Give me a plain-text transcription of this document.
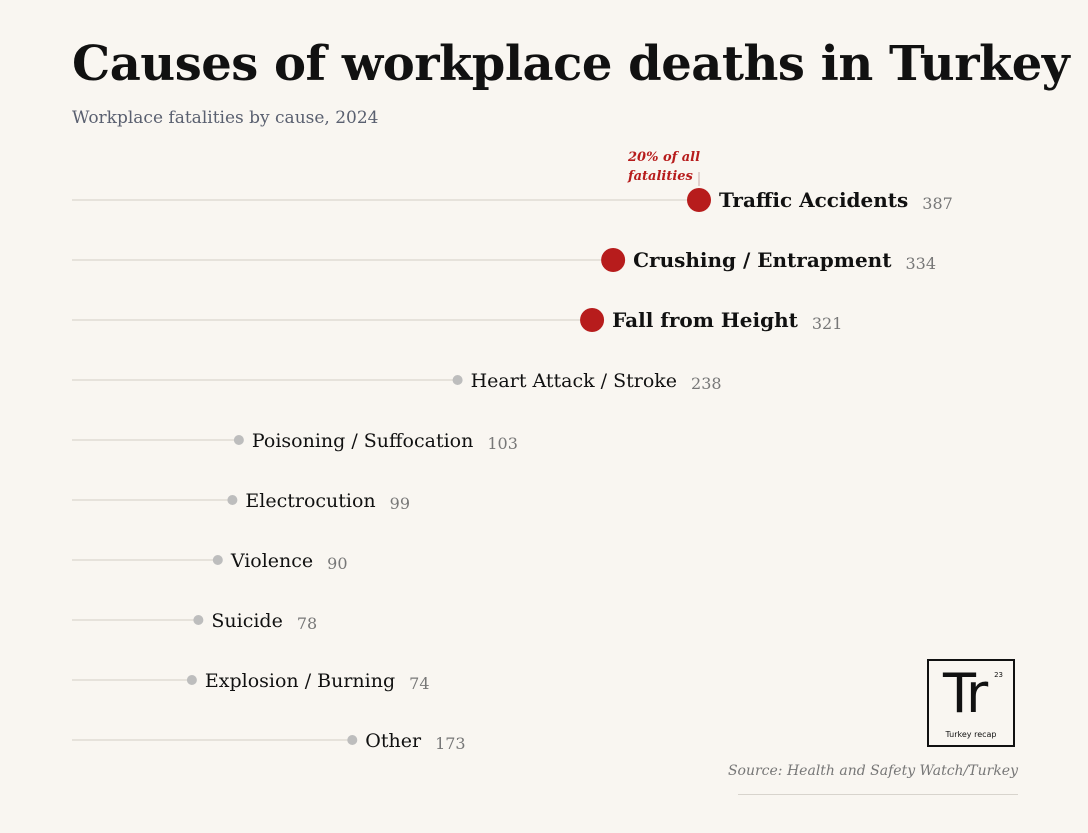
Causes of workplace deaths in Turkey
Workplace fatalities by cause, 2024
Traffic Accidents 387
Crushing / Entrapment 334
Fall from Height 321
Heart Attack / Stroke 238
Poisoning / Suffocation 103
Electrocution 99
Violence 90
Suicide 78
Explosion / Burning 74
Other 173
20% of all
fatalities
Source: Health and Safety Watch/Turkey
Tr 23
Turkey recap
